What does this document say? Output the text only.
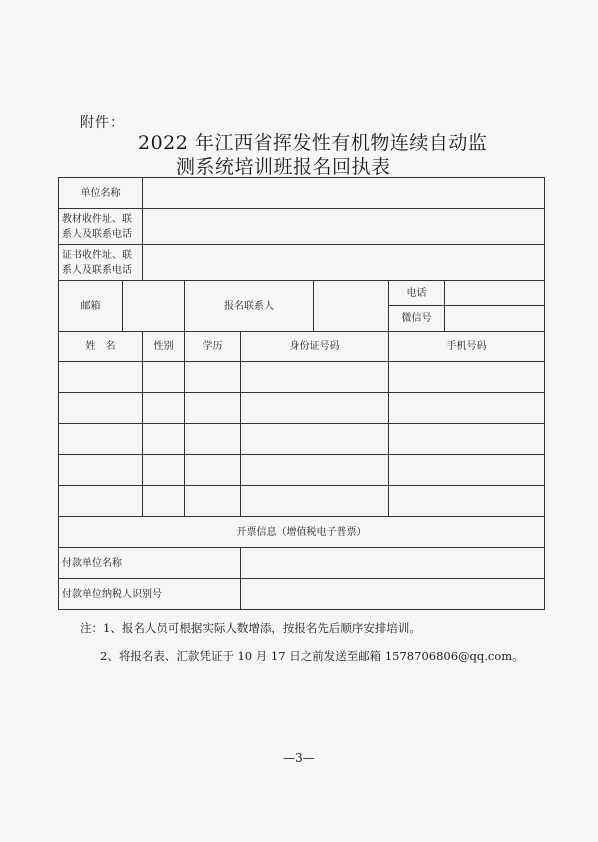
附件：
2022 年江西省挥发性有机物连续自动监
测系统培训班报名回执表
单位名称							

教材收件址、联
系人及联系电话							

证书收件址、联
系人及联系电话							

邮箱			报名联系人			电话	
						微信号	
姓　名		性别	学历	身份证号码		手机号码	

开票信息（增值税电子普票）							
付款单位名称							
付款单位纳税人识别号							
注：1、报名人员可根据实际人数增添，按报名先后顺序安排培训。
2、将报名表、汇款凭证于 10 月 17 日之前发送至邮箱 1578706806@qq.com。
—3—
